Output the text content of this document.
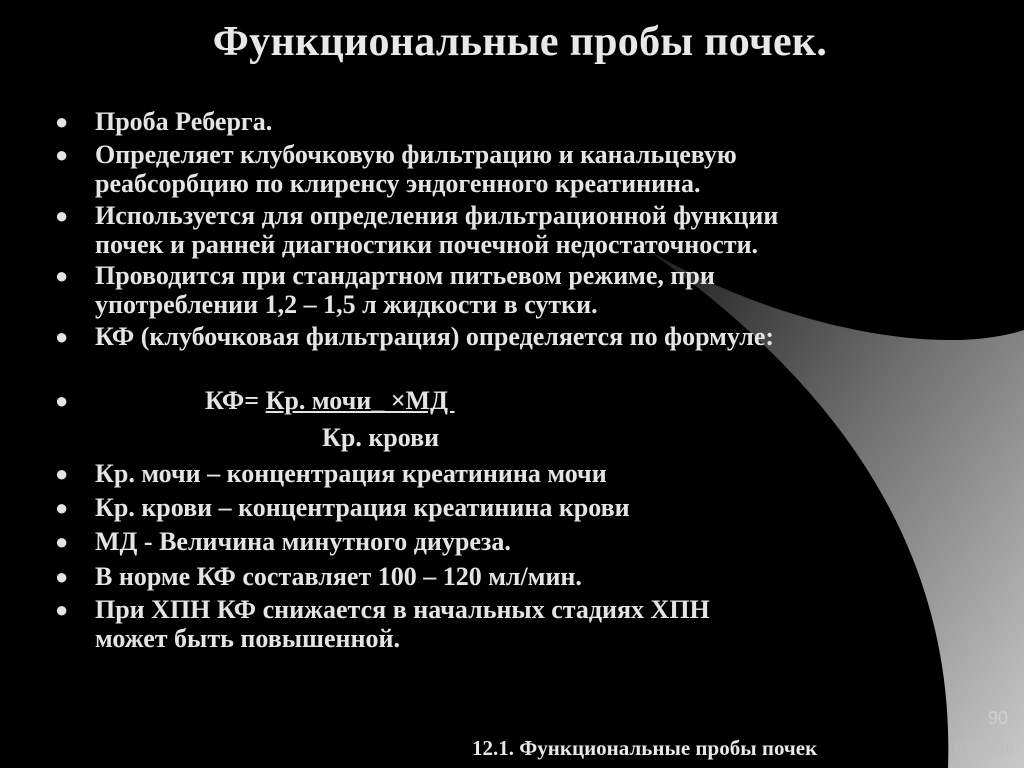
Функциональные пробы почек.
● Проба Реберга.
● Определяет клубочковую фильтрацию и канальцевую
реабсорбцию по клиренсу эндогенного креатинина.
● Используется для определения фильтрационной функции
почек и ранней диагностики почечной недостаточности.
● Проводится при стандартном питьевом режиме, при
употреблении 1,2 – 1,5 л жидкости в сутки.
● КФ (клубочковая фильтрация) определяется по формуле:
●
● Кр. мочи – концентрация креатинина мочи
● Кр. крови – концентрация креатинина крови
● МД - Величина минутного диуреза.
● В норме КФ составляет 100 – 120 мл/мин.
● При ХПН КФ снижается в начальных стадиях ХПН
может быть повышенной.
КФ= Кр. мочи_ ×МД
Кр. крови
12.1. Функциональные пробы почек
90
07.08.16
